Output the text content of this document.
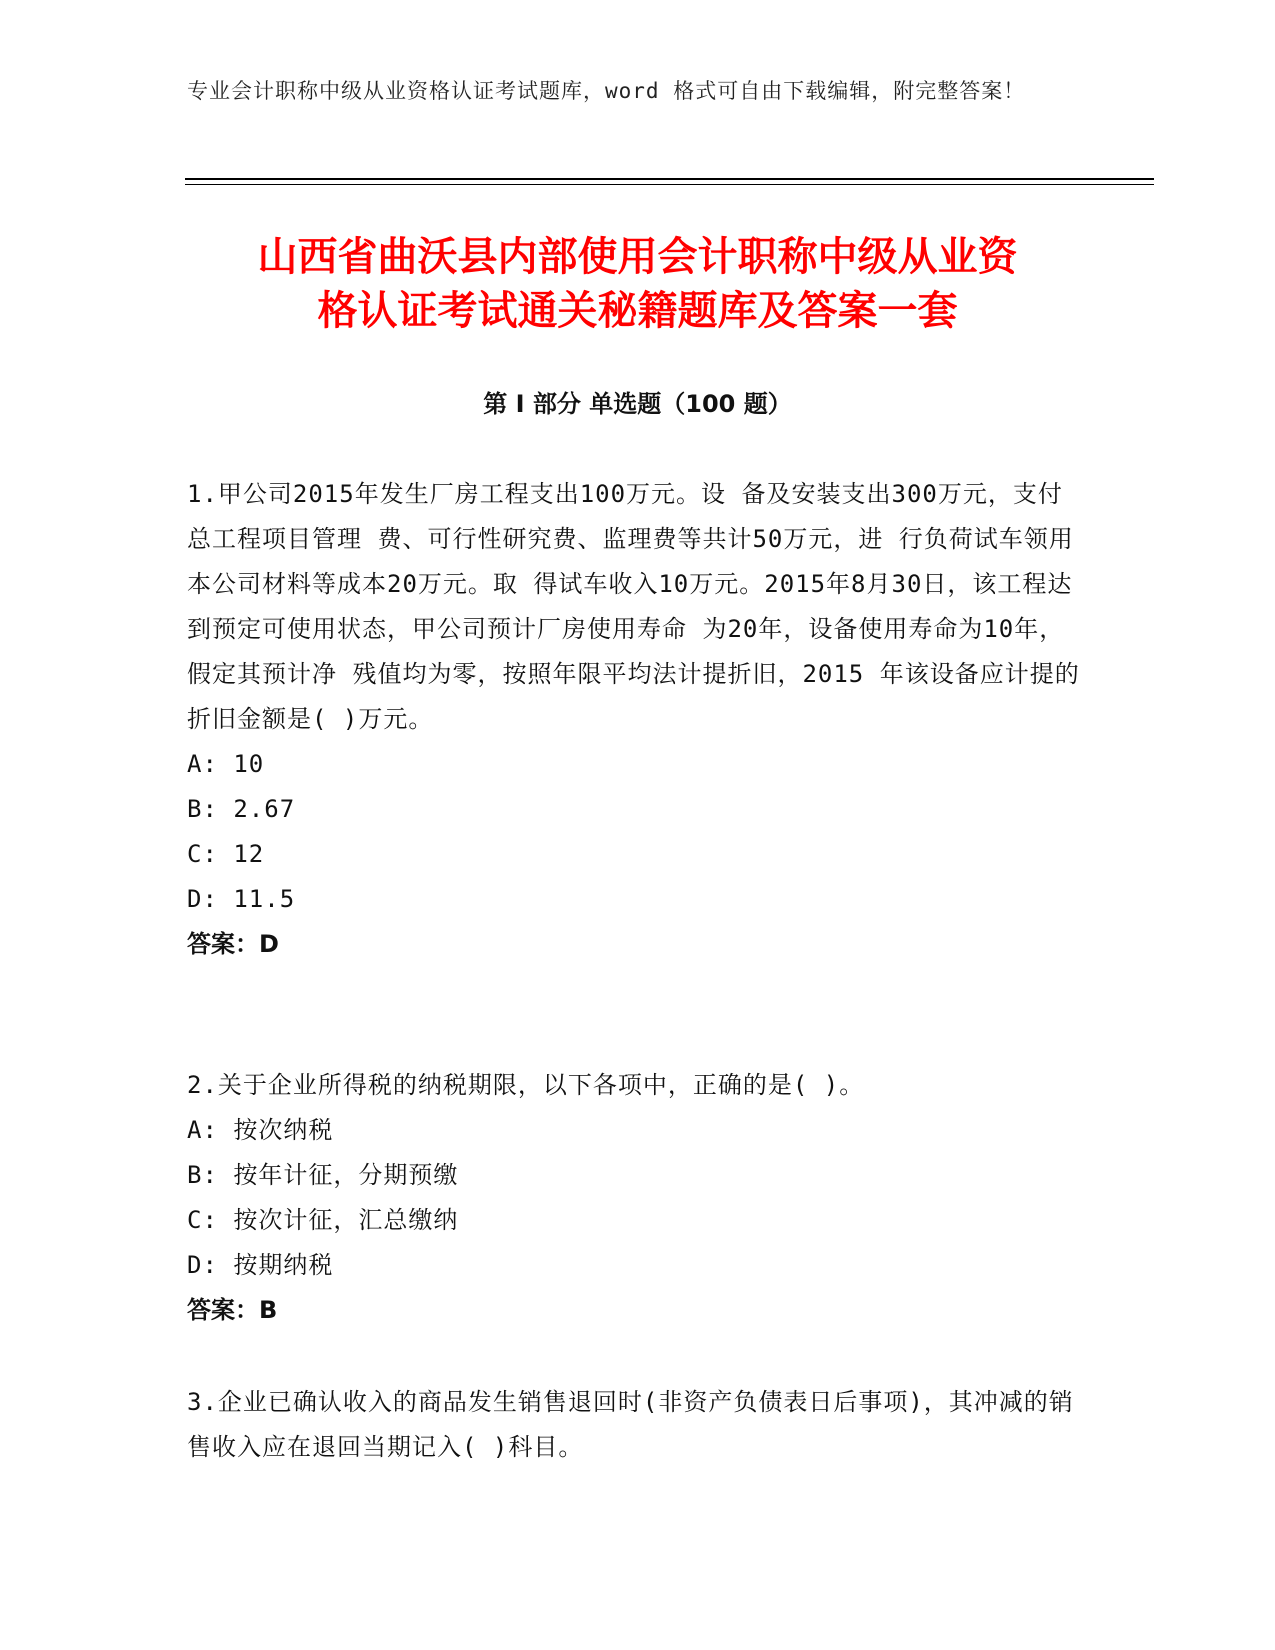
专业会计职称中级从业资格认证考试题库，word 格式可自由下载编辑，附完整答案！
山西省曲沃县内部使用会计职称中级从业资
格认证考试通关秘籍题库及答案一套
第 I 部分 单选题（100 题）

1.甲公司2015年发生厂房工程支出100万元。设 备及安装支出300万元，支付总工程项目管理 费、可行性研究费、监理费等共计50万元，进 行负荷试车领用本公司材料等成本20万元。取 得试车收入10万元。2015年8月30日，该工程达到预定可使用状态，甲公司预计厂房使用寿命 为20年，设备使用寿命为10年，假定其预计净 残值均为零，按照年限平均法计提折旧，2015 年该设备应计提的折旧金额是( )万元。

A: 10

B: 2.67

C: 12

D: 11.5

答案：D

2.关于企业所得税的纳税期限，以下各项中，正确的是( )。

A: 按次纳税

B: 按年计征，分期预缴

C: 按次计征，汇总缴纳

D: 按期纳税

答案：B

3.企业已确认收入的商品发生销售退回时(非资产负债表日后事项)，其冲减的销售收入应在退回当期记入( )科目。
